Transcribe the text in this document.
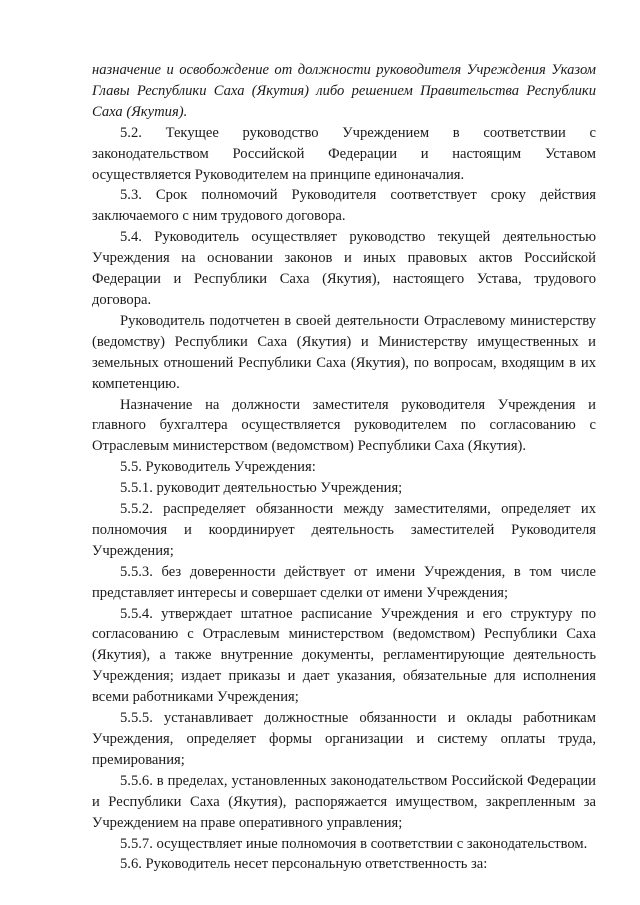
назначение и освобождение от должности руководителя Учреждения Указом Главы Республики Саха (Якутия) либо решением Правительства Республики Саха (Якутия).

5.2. Текущее руководство Учреждением в соответствии с законодательством Российской Федерации и настоящим Уставом осуществляется Руководителем на принципе единоначалия.

5.3. Срок полномочий Руководителя соответствует сроку действия заключаемого с ним трудового договора.

5.4. Руководитель осуществляет руководство текущей деятельностью Учреждения на основании законов и иных правовых актов Российской Федерации и Республики Саха (Якутия), настоящего Устава, трудового договора.

Руководитель подотчетен в своей деятельности Отраслевому министерству (ведомству) Республики Саха (Якутия) и Министерству имущественных и земельных отношений Республики Саха (Якутия), по вопросам, входящим в их компетенцию.

Назначение на должности заместителя руководителя Учреждения и главного бухгалтера осуществляется руководителем по согласованию с Отраслевым министерством (ведомством) Республики Саха (Якутия).

5.5. Руководитель Учреждения:

5.5.1. руководит деятельностью Учреждения;

5.5.2. распределяет обязанности между заместителями, определяет их полномочия и координирует деятельность заместителей Руководителя Учреждения;

5.5.3. без доверенности действует от имени Учреждения, в том числе представляет интересы и совершает сделки от имени Учреждения;

5.5.4. утверждает штатное расписание Учреждения и его структуру по согласованию с Отраслевым министерством (ведомством) Республики Саха (Якутия), а также внутренние документы, регламентирующие деятельность Учреждения; издает приказы и дает указания, обязательные для исполнения всеми работниками Учреждения;

5.5.5. устанавливает должностные обязанности и оклады работникам Учреждения, определяет формы организации и систему оплаты труда, премирования;

5.5.6. в пределах, установленных законодательством Российской Федерации и Республики Саха (Якутия), распоряжается имуществом, закрепленным за Учреждением на праве оперативного управления;

5.5.7. осуществляет иные полномочия в соответствии с законодательством.

5.6. Руководитель несет персональную ответственность за:
